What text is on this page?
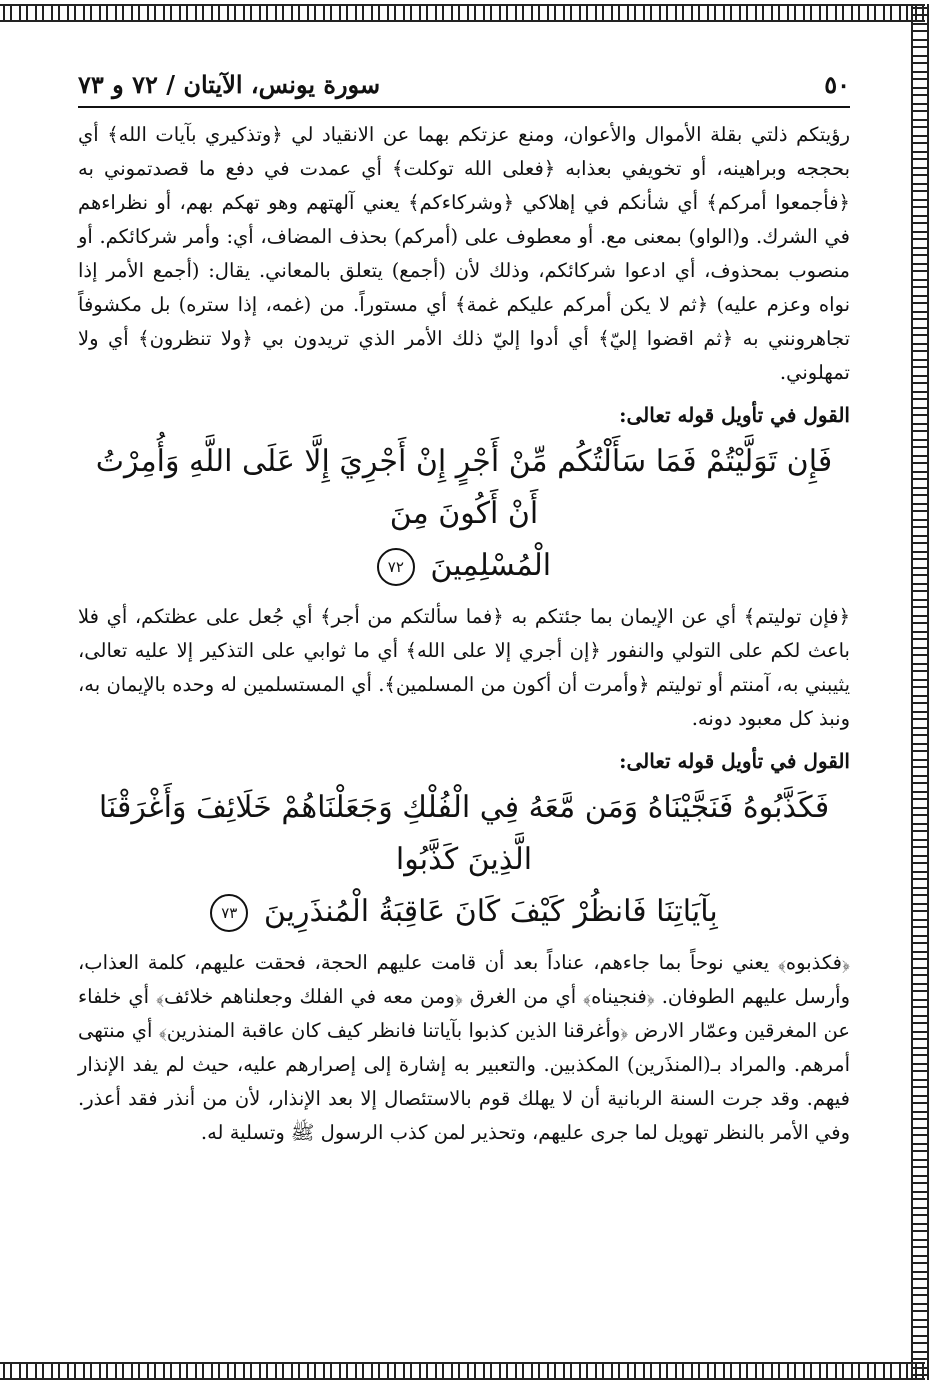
٥٠
سورة يونس، الآيتان / ٧٢ و ٧٣

رؤيتكم ذلتي بقلة الأموال والأعوان، ومنع عزتكم بهما عن الانقياد لي ﴿وتذكيري بآيات الله﴾ أي بحججه وبراهينه، أو تخويفي بعذابه ﴿فعلى الله توكلت﴾ أي عمدت في دفع ما قصدتموني به ﴿فأجمعوا أمركم﴾ أي شأنكم في إهلاكي ﴿وشركاءكم﴾ يعني آلهتهم وهو تهكم بهم، أو نظراءهم في الشرك. و(الواو) بمعنى مع. أو معطوف على (أمركم) بحذف المضاف، أي: وأمر شركائكم. أو منصوب بمحذوف، أي ادعوا شركائكم، وذلك لأن (أجمع) يتعلق بالمعاني. يقال: (أجمع الأمر إذا نواه وعزم عليه) ﴿ثم لا يكن أمركم عليكم غمة﴾ أي مستوراً. من (غمه، إذا ستره) بل مكشوفاً تجاهرونني به ﴿ثم اقضوا إليّ﴾ أي أدوا إليّ ذلك الأمر الذي تريدون بي ﴿ولا تنظرون﴾ أي ولا تمهلوني.

القول في تأويل قوله تعالى:
فَإِن تَوَلَّيْتُمْ فَمَا سَأَلْتُكُم مِّنْ أَجْرٍ إِنْ أَجْرِيَ إِلَّا عَلَى اللَّهِ وَأُمِرْتُ أَنْ أَكُونَ مِنَ
الْمُسْلِمِينَ ٧٢

﴿فإن توليتم﴾ أي عن الإيمان بما جئتكم به ﴿فما سألتكم من أجر﴾ أي جُعل على عظتكم، أي فلا باعث لكم على التولي والنفور ﴿إن أجري إلا على الله﴾ أي ما ثوابي على التذكير إلا عليه تعالى، يثيبني به، آمنتم أو توليتم ﴿وأمرت أن أكون من المسلمين﴾. أي المستسلمين له وحده بالإيمان به، ونبذ كل معبود دونه.

القول في تأويل قوله تعالى:
فَكَذَّبُوهُ فَنَجَّيْنَاهُ وَمَن مَّعَهُ فِي الْفُلْكِ وَجَعَلْنَاهُمْ خَلَائِفَ وَأَغْرَقْنَا الَّذِينَ كَذَّبُوا
بِآيَاتِنَا فَانظُرْ كَيْفَ كَانَ عَاقِبَةُ الْمُنذَرِينَ ٧٣

﴿فكذبوه﴾ يعني نوحاً بما جاءهم، عناداً بعد أن قامت عليهم الحجة، فحقت عليهم، كلمة العذاب، وأرسل عليهم الطوفان. ﴿فنجيناه﴾ أي من الغرق ﴿ومن معه في الفلك وجعلناهم خلائف﴾ أي خلفاء عن المغرقين وعمّار الارض ﴿وأغرقنا الذين كذبوا بآياتنا فانظر كيف كان عاقبة المنذرين﴾ أي منتهى أمرهم. والمراد بـ(المنذَرين) المكذبين. والتعبير به إشارة إلى إصرارهم عليه، حيث لم يفد الإنذار فيهم. وقد جرت السنة الربانية أن لا يهلك قوم بالاستئصال إلا بعد الإنذار، لأن من أنذر فقد أعذر. وفي الأمر بالنظر تهويل لما جرى عليهم، وتحذير لمن كذب الرسول ﷺ وتسلية له.
